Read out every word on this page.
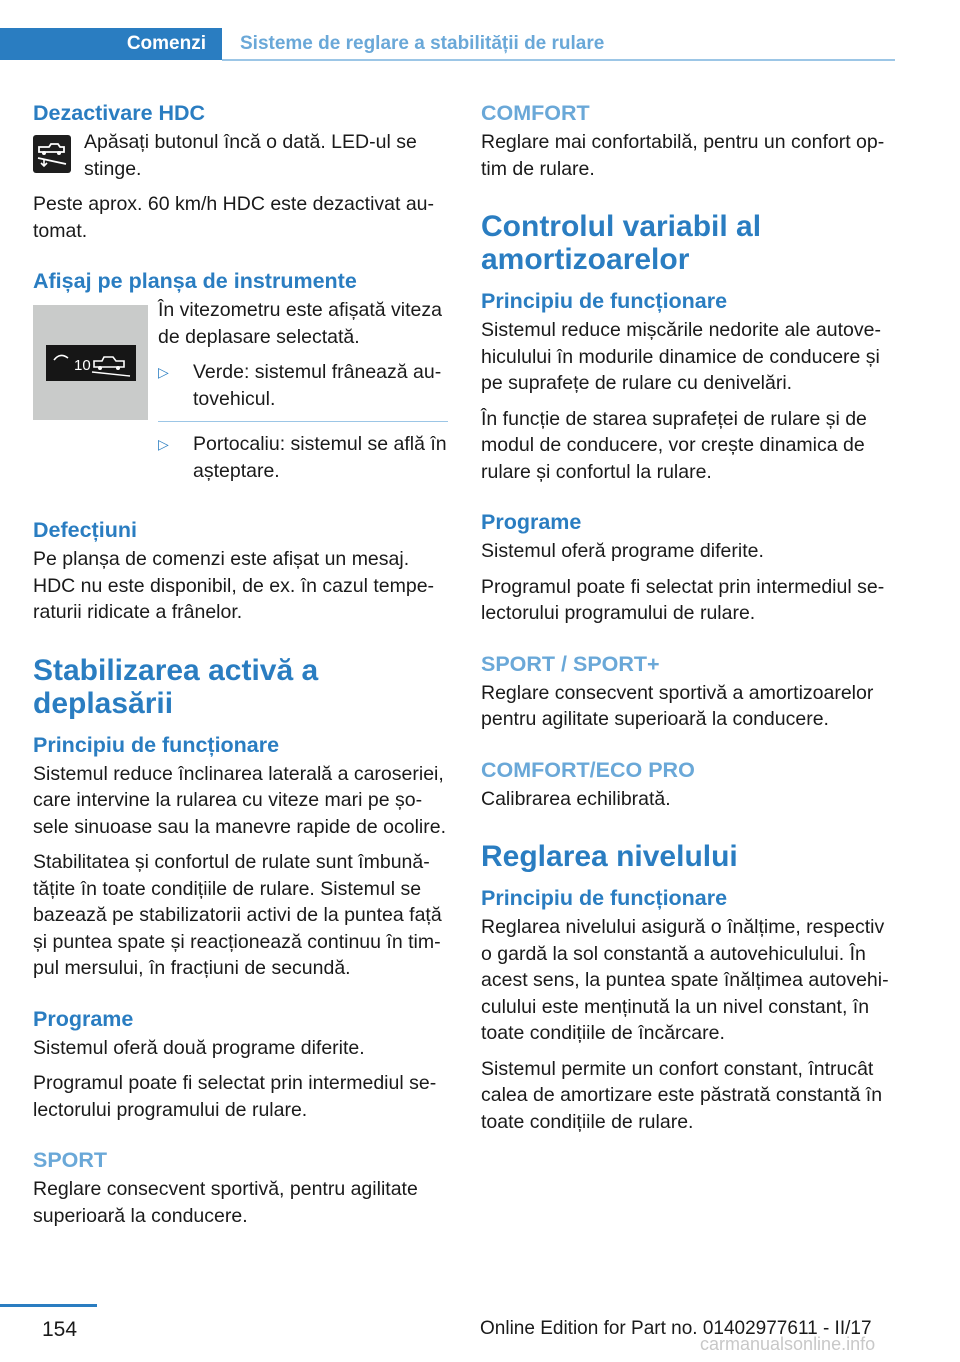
Comenzi	Sisteme de reglare a stabilității de rulare
Dezactivare HDC

Apăsați butonul încă o dată. LED-ul se stinge.

Peste aprox. 60 km/h HDC este dezactivat au‐tomat.

Afișaj pe planșa de instrumente
10

În vitezometru este afișată viteza de deplasare selectată.

▷	Verde: sistemul frânează au‐tovehicul.
▷	Portocaliu: sistemul se află în așteptare.
Defecțiuni

Pe planșa de comenzi este afișat un mesaj. HDC nu este disponibil, de ex. în cazul tempe‐raturii ridicate a frânelor.

Stabilizarea activă a deplasării
Principiu de funcționare

Sistemul reduce înclinarea laterală a caroseriei, care intervine la rularea cu viteze mari pe șo‐sele sinuoase sau la manevre rapide de ocolire.

Stabilitatea și confortul de rulate sunt îmbună‐tățite în toate condițiile de rulare. Sistemul se bazează pe stabilizatorii activi de la puntea față și puntea spate și reacționează continuu în tim‐pul mersului, în fracțiuni de secundă.

Programe

Sistemul oferă două programe diferite.

Programul poate fi selectat prin intermediul se‐lectorului programului de rulare.

SPORT

Reglare consecvent sportivă, pentru agilitate superioară la conducere.

COMFORT

Reglare mai confortabilă, pentru un confort op‐tim de rulare.

Controlul variabil al amortizoarelor
Principiu de funcționare

Sistemul reduce mișcările nedorite ale autove‐hiculului în modurile dinamice de conducere și pe suprafețe de rulare cu denivelări.

În funcție de starea suprafeței de rulare și de modul de conducere, vor crește dinamica de rulare și confortul la rulare.

Programe

Sistemul oferă programe diferite.

Programul poate fi selectat prin intermediul se‐lectorului programului de rulare.

SPORT / SPORT+

Reglare consecvent sportivă a amortizoarelor pentru agilitate superioară la conducere.

COMFORT/ECO PRO

Calibrarea echilibrată.

Reglarea nivelului
Principiu de funcționare

Reglarea nivelului asigură o înălțime, respectiv o gardă la sol constantă a autovehiculului. În acest sens, la puntea spate înălțimea autovehi‐culului este menținută la un nivel constant, în toate condițiile de încărcare.

Sistemul permite un confort constant, întrucât calea de amortizare este păstrată constantă în toate condițiile de rulare.

154	Online Edition for Part no. 01402977611 - II/17
carmanualsonline.info
